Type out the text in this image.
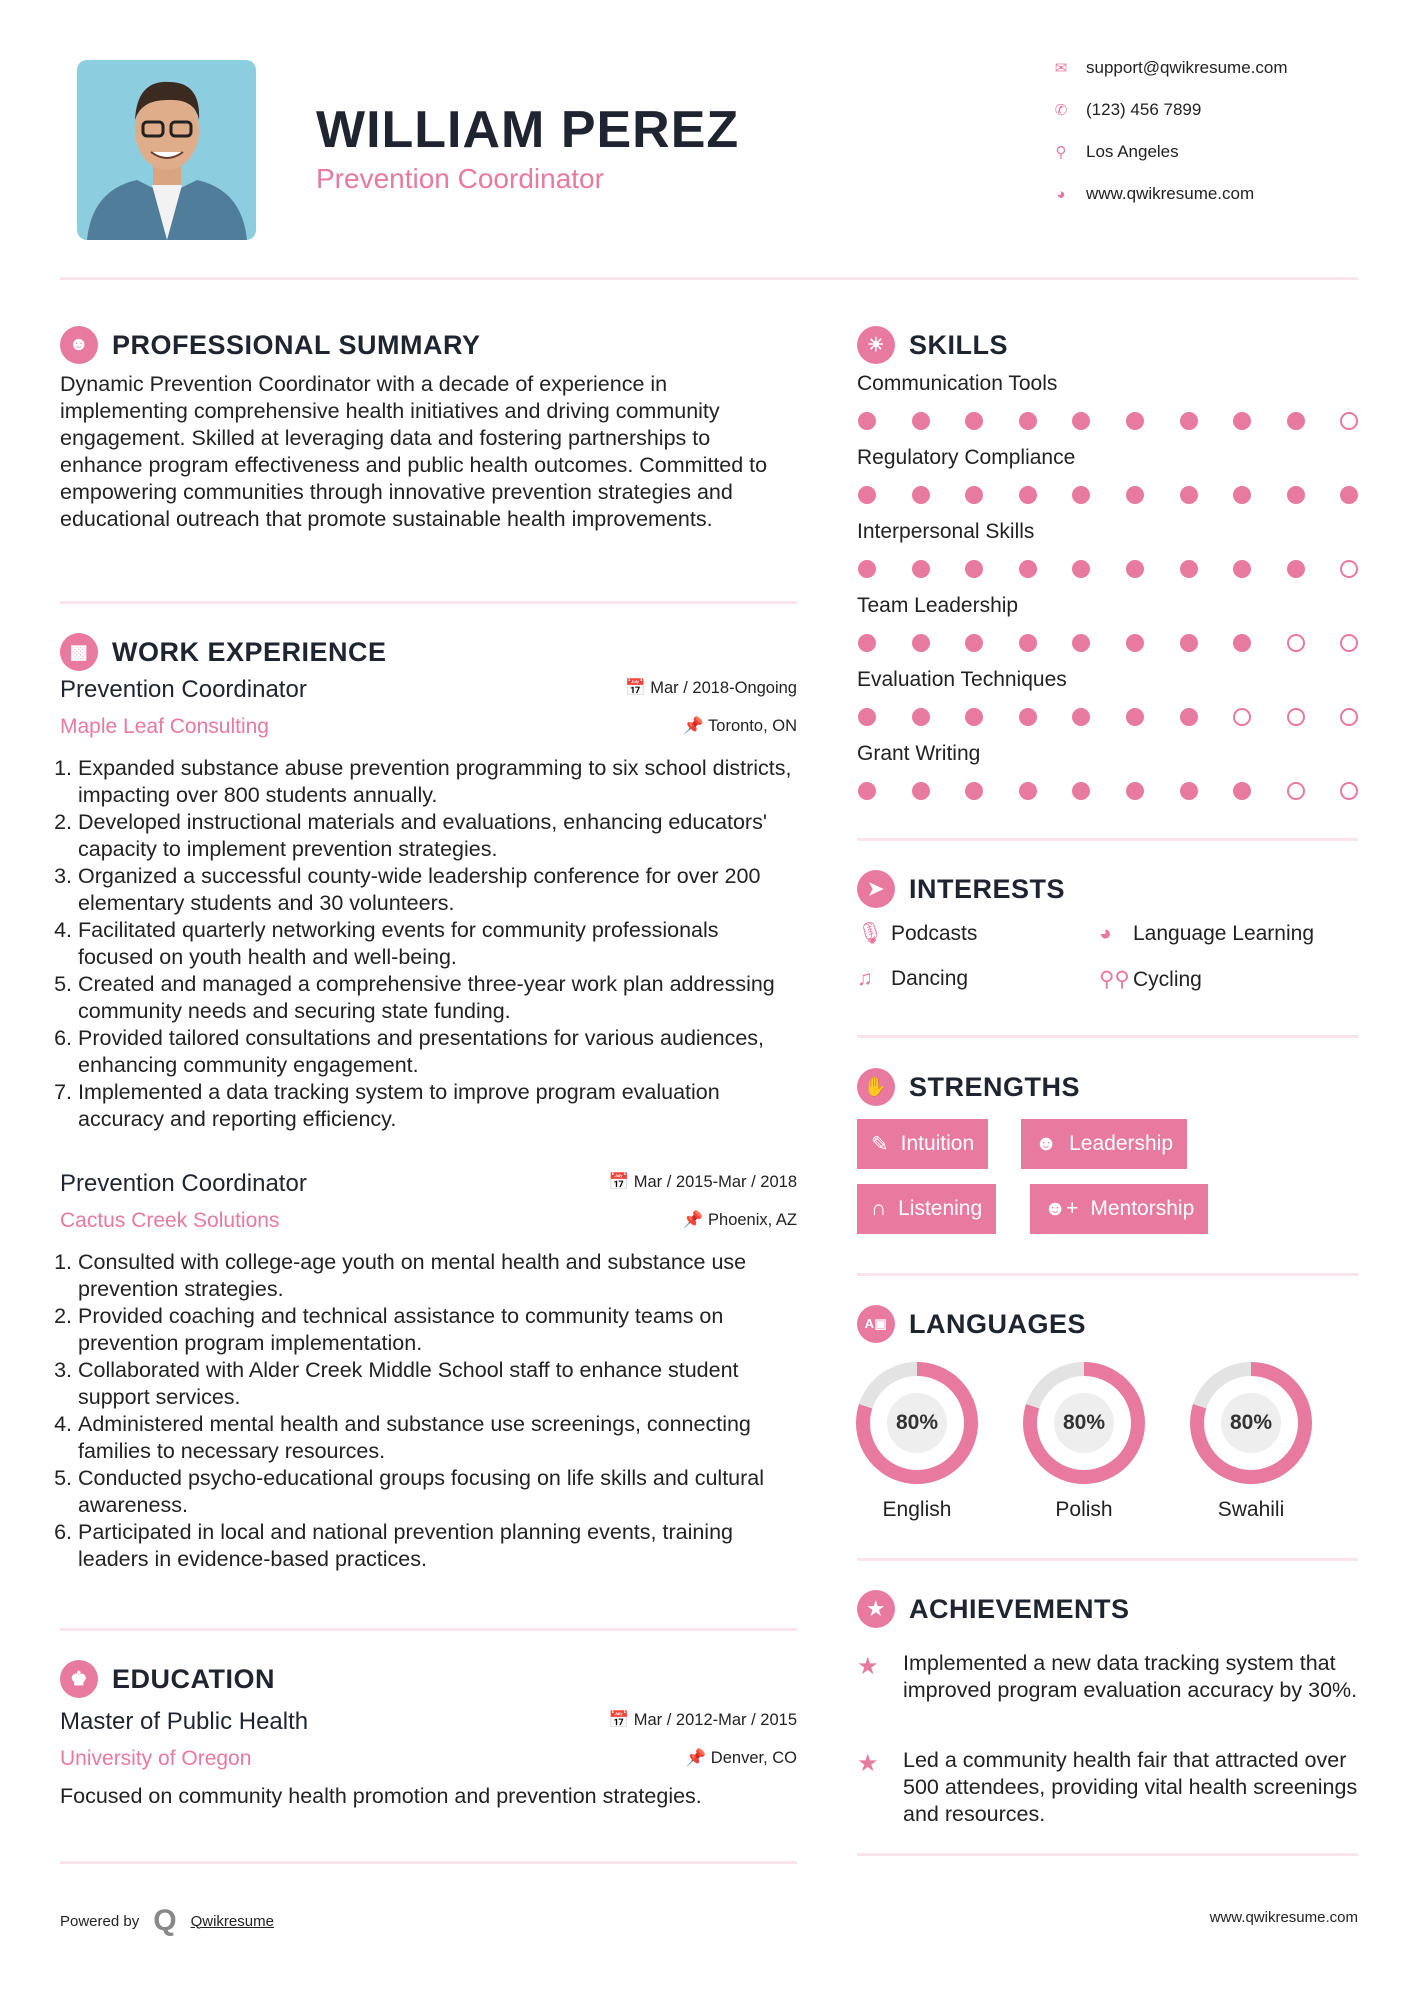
WILLIAM PEREZ
Prevention Coordinator
✉ support@qwikresume.com
✆ (123) 456 7899
⚲ Los Angeles
◕ www.qwikresume.com
☻ PROFESSIONAL SUMMARY
Dynamic Prevention Coordinator with a decade of experience in implementing comprehensive health initiatives and driving community engagement. Skilled at leveraging data and fostering partnerships to enhance program effectiveness and public health outcomes. Committed to empowering communities through innovative prevention strategies and educational outreach that promote sustainable health improvements.
▩ WORK EXPERIENCE
Prevention Coordinator	📅 Mar / 2018-Ongoing
Maple Leaf Consulting	📌 Toronto, ON
1. Expanded substance abuse prevention programming to six school districts, impacting over 800 students annually.
2. Developed instructional materials and evaluations, enhancing educators' capacity to implement prevention strategies.
3. Organized a successful county-wide leadership conference for over 200 elementary students and 30 volunteers.
4. Facilitated quarterly networking events for community professionals focused on youth health and well-being.
5. Created and managed a comprehensive three-year work plan addressing community needs and securing state funding.
6. Provided tailored consultations and presentations for various audiences, enhancing community engagement.
7. Implemented a data tracking system to improve program evaluation accuracy and reporting efficiency.
Prevention Coordinator	📅 Mar / 2015-Mar / 2018
Cactus Creek Solutions	📌 Phoenix, AZ
1. Consulted with college-age youth on mental health and substance use prevention strategies.
2. Provided coaching and technical assistance to community teams on prevention program implementation.
3. Collaborated with Alder Creek Middle School staff to enhance student support services.
4. Administered mental health and substance use screenings, connecting families to necessary resources.
5. Conducted psycho-educational groups focusing on life skills and cultural awareness.
6. Participated in local and national prevention planning events, training leaders in evidence-based practices.
♚ EDUCATION
Master of Public Health	📅 Mar / 2012-Mar / 2015
University of Oregon	📌 Denver, CO
Focused on community health promotion and prevention strategies.
☀ SKILLS
Communication Tools
Regulatory Compliance
Interpersonal Skills
Team Leadership
Evaluation Techniques
Grant Writing
➤ INTERESTS
🎙 Podcasts	◕	Language Learning
♫ Dancing	⚲⚲ Cycling
✋ STRENGTHS
✎ Intuition	☻ Leadership
∩ Listening	☻+ Mentorship
A▣ LANGUAGES
80%
English
80%
Polish
80%
Swahili
★ ACHIEVEMENTS
★ Implemented a new data tracking system that improved program evaluation accuracy by 30%.
★ Led a community health fair that attracted over 500 attendees, providing vital health screenings and resources.
Powered by Q Qwikresume	www.qwikresume.com
